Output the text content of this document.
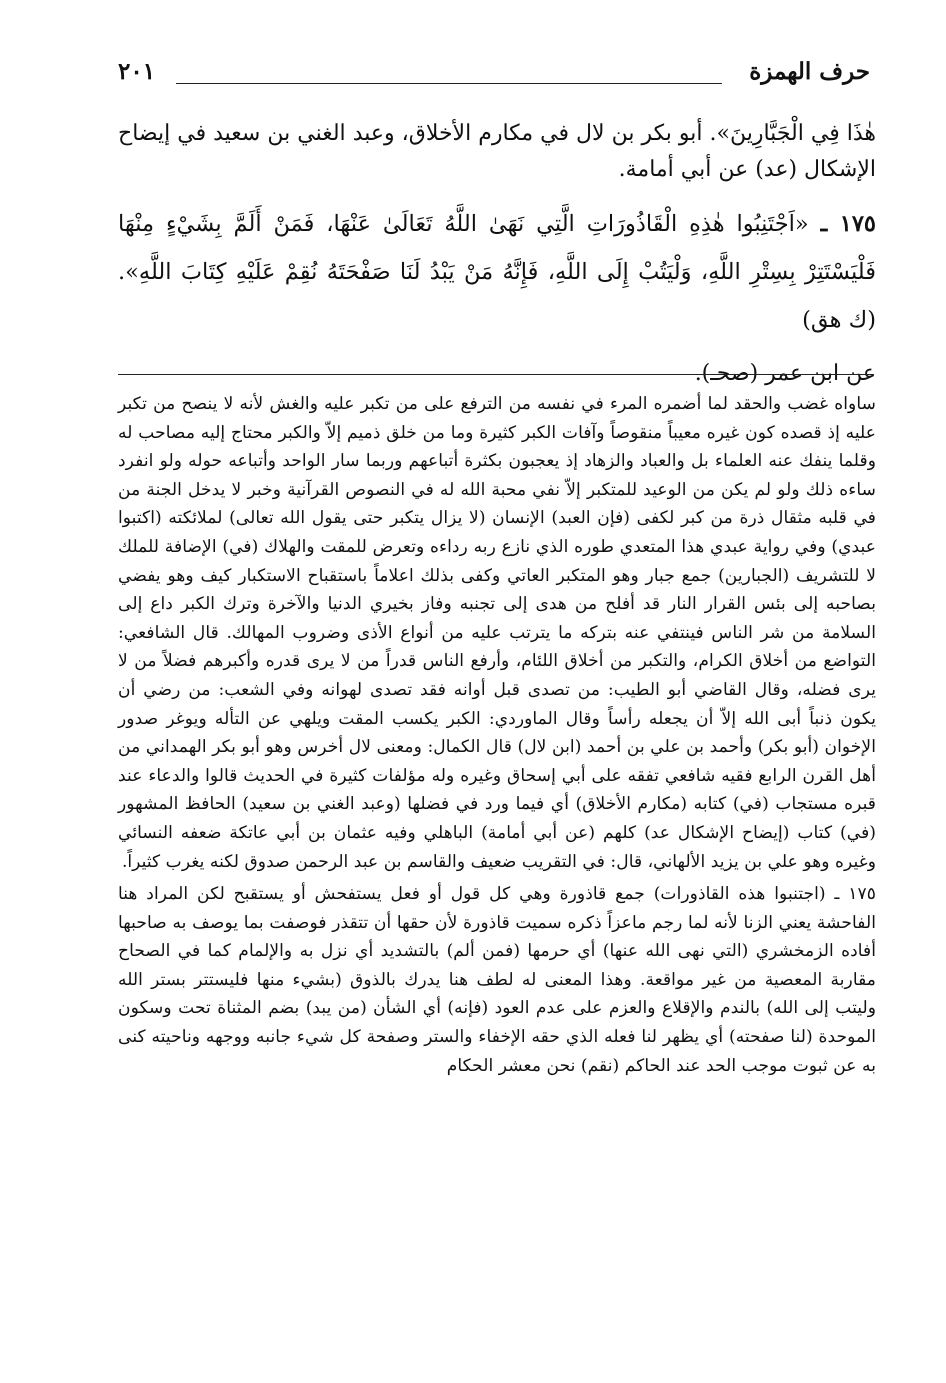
حرف الهمزة
٢٠١

هٰذَا فِي الْجَبَّارِينَ». أبو بكر بن لال في مكارم الأخلاق، وعبد الغني بن سعيد في إيضاح الإشكال (عد) عن أبي أمامة.

١٧٥ ـ «اَجْتَنِبُوا هٰذِهِ الْقَاذُورَاتِ الَّتِي نَهَىٰ اللَّهُ تَعَالَىٰ عَنْهَا، فَمَنْ أَلَمَّ بِشَيْءٍ مِنْهَا فَلْيَسْتَتِرْ بِسِتْرِ اللَّهِ، وَلْيَتُبْ إِلَى اللَّهِ، فَإِنَّهُ مَنْ يَبْدُ لَنَا صَفْحَتَهُ نُقِمْ عَلَيْهِ كِتَابَ اللَّهِ». (ك هق)

عن ابن عمر (صحـ).

ساواه غضب والحقد لما أضمره المرء في نفسه من الترفع على من تكبر عليه والغش لأنه لا ينصح من تكبر عليه إذ قصده كون غيره معيباً منقوصاً وآفات الكبر كثيرة وما من خلق ذميم إلاّ والكبر محتاج إليه مصاحب له وقلما ينفك عنه العلماء بل والعباد والزهاد إذ يعجبون بكثرة أتباعهم وربما سار الواحد وأتباعه حوله ولو انفرد ساءه ذلك ولو لم يكن من الوعيد للمتكبر إلاّ نفي محبة الله له في النصوص القرآنية وخبر لا يدخل الجنة من في قلبه مثقال ذرة من كبر لكفى (فإن العبد) الإنسان (لا يزال يتكبر حتى يقول الله تعالى) لملائكته (اكتبوا عبدي) وفي رواية عبدي هذا المتعدي طوره الذي نازع ربه رداءه وتعرض للمقت والهلاك (في) الإضافة للملك لا للتشريف (الجبارين) جمع جبار وهو المتكبر العاتي وكفى بذلك اعلاماً باستقباح الاستكبار كيف وهو يفضي بصاحبه إلى بئس القرار النار قد أفلح من هدى إلى تجنبه وفاز بخيري الدنيا والآخرة وترك الكبر داع إلى السلامة من شر الناس فينتفي عنه بتركه ما يترتب عليه من أنواع الأذى وضروب المهالك. قال الشافعي: التواضع من أخلاق الكرام، والتكبر من أخلاق اللئام، وأرفع الناس قدراً من لا يرى قدره وأكبرهم فضلاً من لا يرى فضله، وقال القاضي أبو الطيب: من تصدى قبل أوانه فقد تصدى لهوانه وفي الشعب: من رضي أن يكون ذنباً أبى الله إلاّ أن يجعله رأساً وقال الماوردي: الكبر يكسب المقت ويلهي عن التأله ويوغر صدور الإخوان (أبو بكر) وأحمد بن علي بن أحمد (ابن لال) قال الكمال: ومعنى لال أخرس وهو أبو بكر الهمداني من أهل القرن الرابع فقيه شافعي تفقه على أبي إسحاق وغيره وله مؤلفات كثيرة في الحديث قالوا والدعاء عند قبره مستجاب (في) كتابه (مكارم الأخلاق) أي فيما ورد في فضلها (وعبد الغني بن سعيد) الحافظ المشهور (في) كتاب (إيضاح الإشكال عد) كلهم (عن أبي أمامة) الباهلي وفيه عثمان بن أبي عاتكة ضعفه النسائي وغيره وهو علي بن يزيد الألهاني، قال: في التقريب ضعيف والقاسم بن عبد الرحمن صدوق لكنه يغرب كثيراً.

١٧٥ ـ (اجتنبوا هذه القاذورات) جمع قاذورة وهي كل قول أو فعل يستفحش أو يستقبح لكن المراد هنا الفاحشة يعني الزنا لأنه لما رجم ماعزاً ذكره سميت قاذورة لأن حقها أن تتقذر فوصفت بما يوصف به صاحبها أفاده الزمخشري (التي نهى الله عنها) أي حرمها (فمن ألم) بالتشديد أي نزل به والإلمام كما في الصحاح مقاربة المعصية من غير مواقعة. وهذا المعنى له لطف هنا يدرك بالذوق (بشيء منها فليستتر بستر الله وليتب إلى الله) بالندم والإقلاع والعزم على عدم العود (فإنه) أي الشأن (من يبد) بضم المثناة تحت وسكون الموحدة (لنا صفحته) أي يظهر لنا فعله الذي حقه الإخفاء والستر وصفحة كل شيء جانبه ووجهه وناحيته كنى به عن ثبوت موجب الحد عند الحاكم (نقم) نحن معشر الحكام
